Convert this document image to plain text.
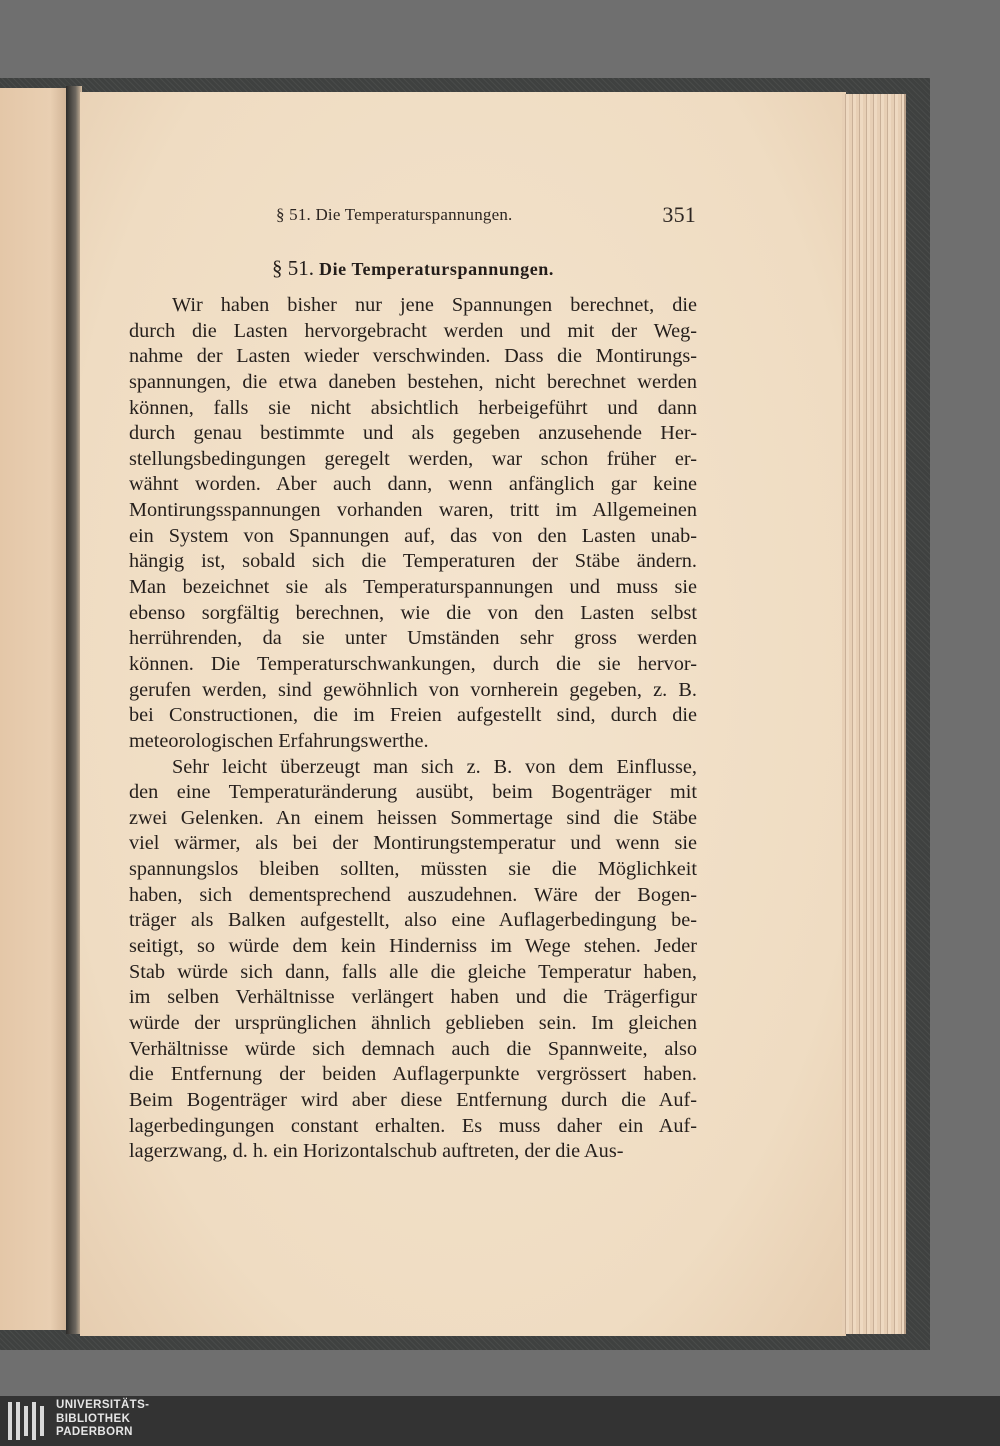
§ 51. Die Temperaturspannungen.	351
§ 51. Die Temperaturspannungen.
Wir haben bisher nur jene Spannungen berechnet, die
durch die Lasten hervorgebracht werden und mit der Weg-
nahme der Lasten wieder verschwinden. Dass die Montirungs-
spannungen, die etwa daneben bestehen, nicht berechnet werden
können, falls sie nicht absichtlich herbeigeführt und dann
durch genau bestimmte und als gegeben anzusehende Her-
stellungsbedingungen geregelt werden, war schon früher er-
wähnt worden. Aber auch dann, wenn anfänglich gar keine
Montirungsspannungen vorhanden waren, tritt im Allgemeinen
ein System von Spannungen auf, das von den Lasten unab-
hängig ist, sobald sich die Temperaturen der Stäbe ändern.
Man bezeichnet sie als Temperaturspannungen und muss sie
ebenso sorgfältig berechnen, wie die von den Lasten selbst
herrührenden, da sie unter Umständen sehr gross werden
können. Die Temperaturschwankungen, durch die sie hervor-
gerufen werden, sind gewöhnlich von vornherein gegeben, z. B.
bei Constructionen, die im Freien aufgestellt sind, durch die
meteorologischen Erfahrungswerthe.
Sehr leicht überzeugt man sich z. B. von dem Einflusse,
den eine Temperaturänderung ausübt, beim Bogenträger mit
zwei Gelenken. An einem heissen Sommertage sind die Stäbe
viel wärmer, als bei der Montirungstemperatur und wenn sie
spannungslos bleiben sollten, müssten sie die Möglichkeit
haben, sich dementsprechend auszudehnen. Wäre der Bogen-
träger als Balken aufgestellt, also eine Auflagerbedingung be-
seitigt, so würde dem kein Hinderniss im Wege stehen. Jeder
Stab würde sich dann, falls alle die gleiche Temperatur haben,
im selben Verhältnisse verlängert haben und die Trägerfigur
würde der ursprünglichen ähnlich geblieben sein. Im gleichen
Verhältnisse würde sich demnach auch die Spannweite, also
die Entfernung der beiden Auflagerpunkte vergrössert haben.
Beim Bogenträger wird aber diese Entfernung durch die Auf-
lagerbedingungen constant erhalten. Es muss daher ein Auf-
lagerzwang, d. h. ein Horizontalschub auftreten, der die Aus-
UNIVERSITÄTS-
BIBLIOTHEK
PADERBORN
